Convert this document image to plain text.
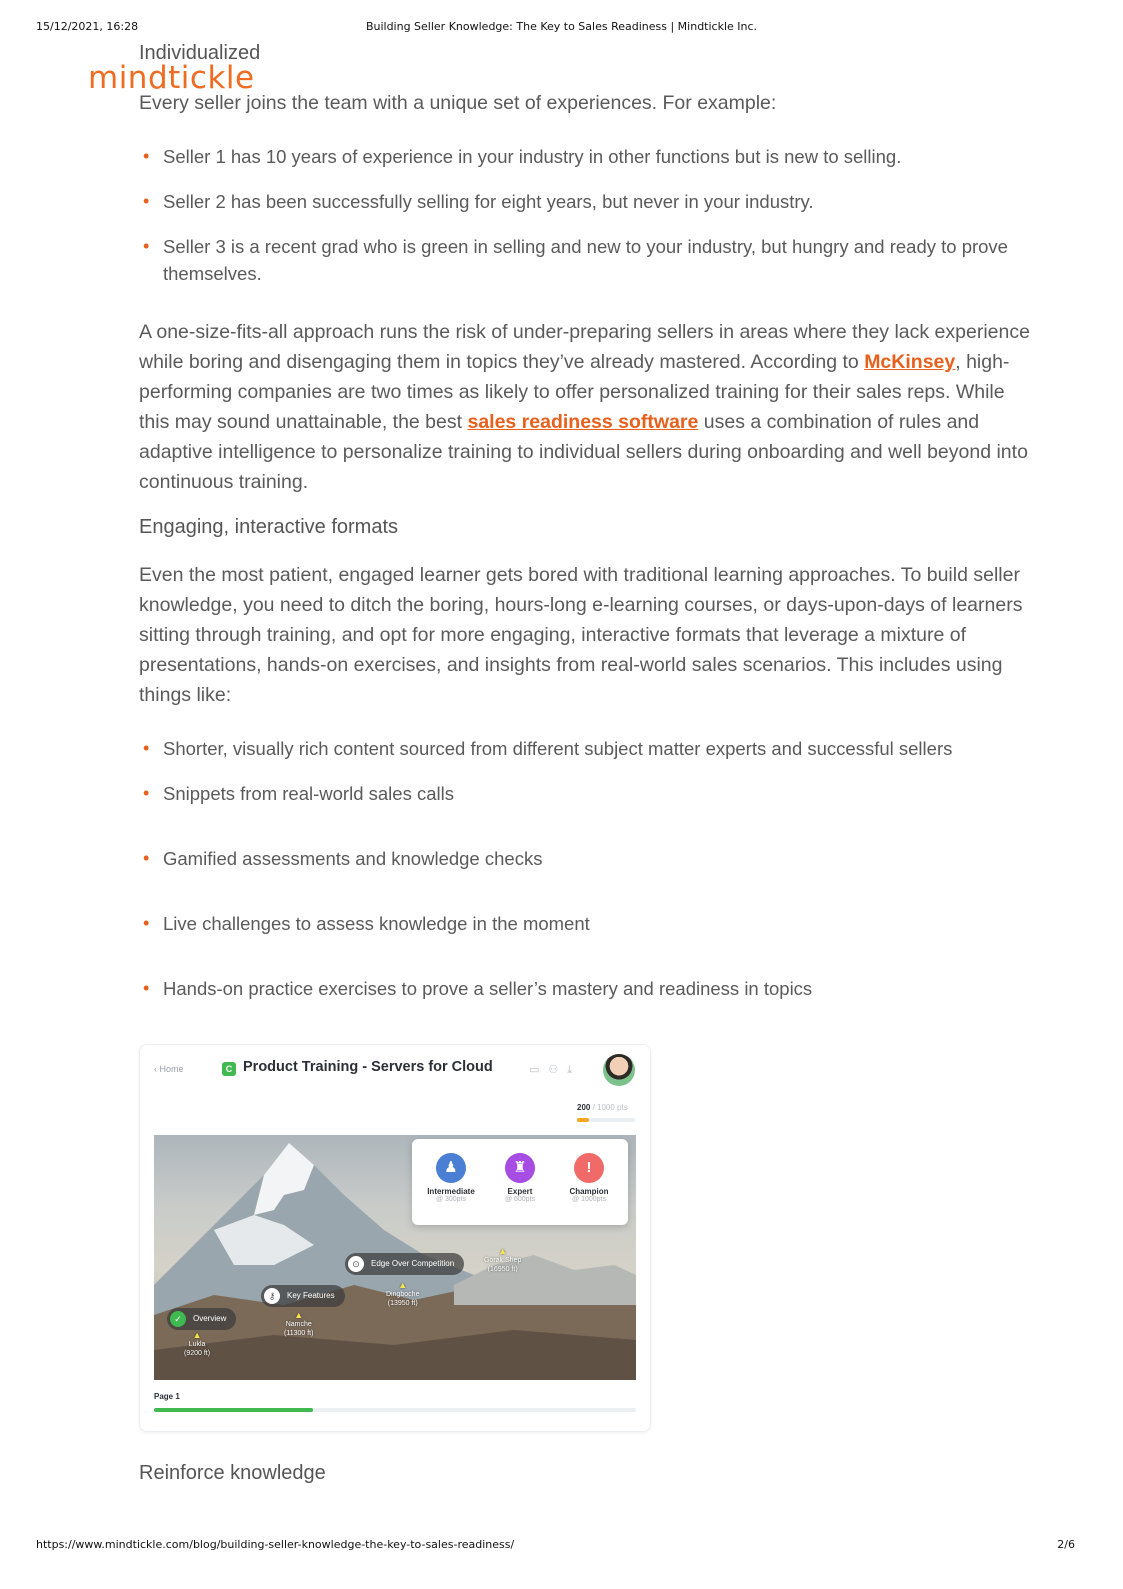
15/12/2021, 16:28	Building Seller Knowledge: The Key to Sales Readiness | Mindtickle Inc.
Individualized
mindtickle

Every seller joins the team with a unique set of experiences. For example:

• Seller 1 has 10 years of experience in your industry in other functions but is new to selling.
• Seller 2 has been successfully selling for eight years, but never in your industry.
• Seller 3 is a recent grad who is green in selling and new to your industry, but hungry and ready to prove themselves.

A one-size-fits-all approach runs the risk of under-preparing sellers in areas where they lack experience while boring and disengaging them in topics they’ve already mastered. According to McKinsey, high-performing companies are two times as likely to offer personalized training for their sales reps. While this may sound unattainable, the best sales readiness software uses a combination of rules and adaptive intelligence to personalize training to individual sellers during onboarding and well beyond into continuous training.

Engaging, interactive formats

Even the most patient, engaged learner gets bored with traditional learning approaches. To build seller knowledge, you need to ditch the boring, hours-long e-learning courses, or days-upon-days of learners sitting through training, and opt for more engaging, interactive formats that leverage a mixture of presentations, hands-on exercises, and insights from real-world sales scenarios. This includes using things like:

• Shorter, visually rich content sourced from different subject matter experts and successful sellers
• Snippets from real-world sales calls
• Gamified assessments and knowledge checks
• Live challenges to assess knowledge in the moment
• Hands-on practice exercises to prove a seller’s mastery and readiness in topics
‹ Home	C Product Training - Servers for Cloud	▭⚇⤓
200 / 1000 pts
♟
Intermediate
@ 300pts
♜
Expert
@ 600pts
!
Champion
@ 1000pts
⊙	Edge Over Competition
⚷	Key Features
✓	Overview
▲
Lukla
(9200 ft)
▲
Namche
(11300 ft)
▲
Dingboche
(13950 ft)
▲
Gorak Shep
(16950 ft)
Page 1
Reinforce knowledge
https://www.mindtickle.com/blog/building-seller-knowledge-the-key-to-sales-readiness/	2/6
